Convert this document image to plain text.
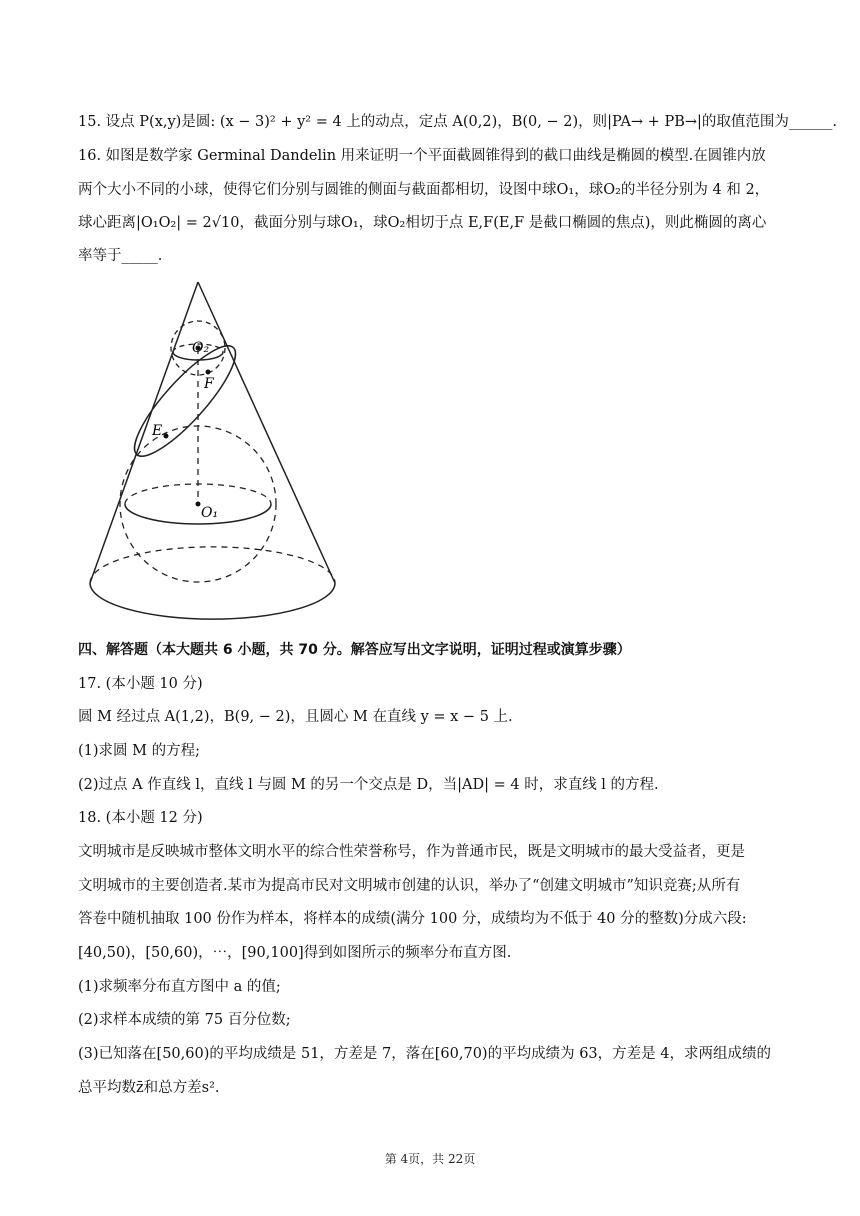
15. 设点 P(x,y)是圆: (x − 3)² + y² = 4 上的动点，定点 A(0,2)，B(0, − 2)，则|PA→ + PB→|的取值范围为______.
16. 如图是数学家 Germinal Dandelin 用来证明一个平面截圆锥得到的截口曲线是椭圆的模型.在圆锥内放
两个大小不同的小球，使得它们分别与圆锥的侧面与截面都相切，设图中球O₁，球O₂的半径分别为 4 和 2，
球心距离|O₁O₂| = 2√10，截面分别与球O₁，球O₂相切于点 E,F(E,F 是截口椭圆的焦点)，则此椭圆的离心
率等于_____.
O₂
F
E
O₁
四、解答题（本大题共 6 小题，共 70 分。解答应写出文字说明，证明过程或演算步骤）
17. (本小题 10 分)
圆 M 经过点 A(1,2)，B(9, − 2)，且圆心 M 在直线 y = x − 5 上.
(1)求圆 M 的方程;
(2)过点 A 作直线 l，直线 l 与圆 M 的另一个交点是 D，当|AD| = 4 时，求直线 l 的方程.
18. (本小题 12 分)
文明城市是反映城市整体文明水平的综合性荣誉称号，作为普通市民，既是文明城市的最大受益者，更是
文明城市的主要创造者.某市为提高市民对文明城市创建的认识，举办了“创建文明城市”知识竞赛;从所有
答卷中随机抽取 100 份作为样本，将样本的成绩(满分 100 分，成绩均为不低于 40 分的整数)分成六段:
[40,50)，[50,60)，⋯，[90,100]得到如图所示的频率分布直方图.
(1)求频率分布直方图中 a 的值;
(2)求样本成绩的第 75 百分位数;
(3)已知落在[50,60)的平均成绩是 51，方差是 7，落在[60,70)的平均成绩为 63，方差是 4，求两组成绩的
总平均数z̄和总方差s².
第 4页，共 22页
